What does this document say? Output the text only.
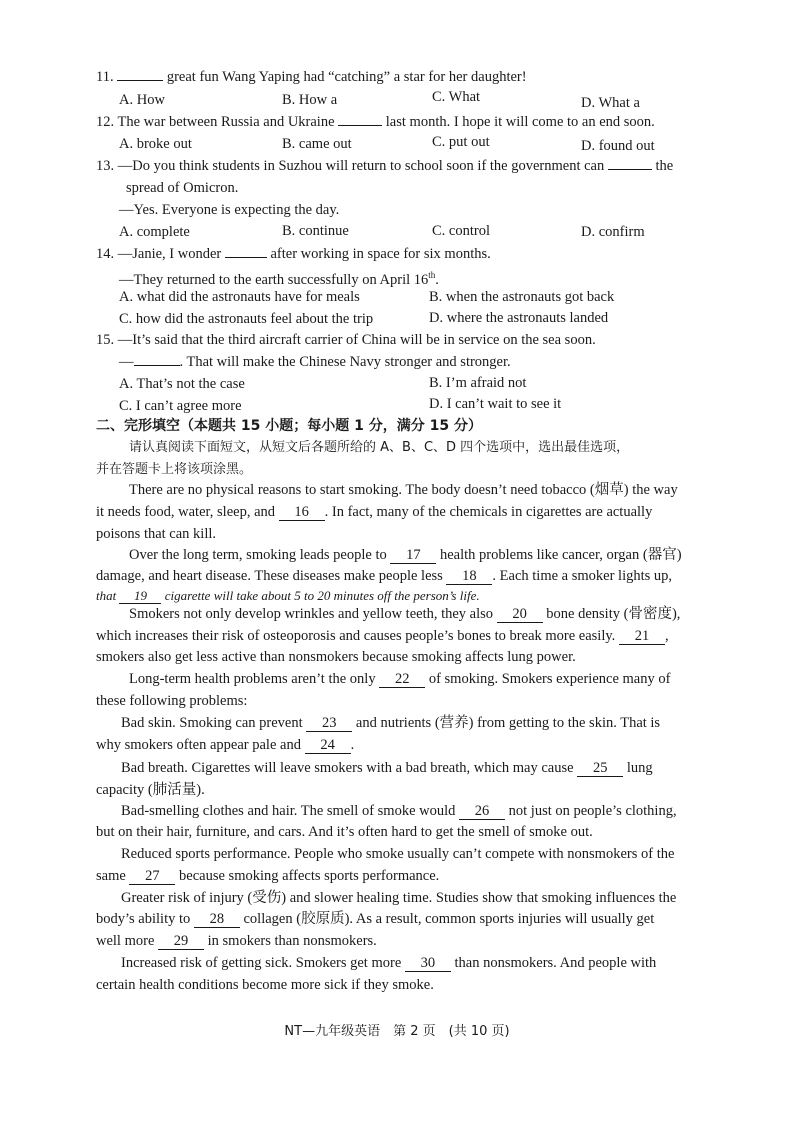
11.	great fun Wang Yaping had “catching” a star for her daughter!
A. How	B. How a	C. What	D. What a
12. The war between Russia and Ukraine	last month. I hope it will come to an end soon.
A. broke out	B. came out	C. put out	D. found out
13. —Do you think students in Suzhou will return to school soon if the government can	the
spread of Omicron.
—Yes. Everyone is expecting the day.
A. complete	B. continue	C. control	D. confirm
14. —Janie, I wonder	after working in space for six months.
—They returned to the earth successfully on April 16th.
A. what did the astronauts have for meals	B. when the astronauts got back
C. how did the astronauts feel about the trip	D. where the astronauts landed
15. —It’s said that the third aircraft carrier of China will be in service on the sea soon.
—	. That will make the Chinese Navy stronger and stronger.
A. That’s not the case	B. I’m afraid not
C. I can’t agree more	D. I can’t wait to see it
二、完形填空（本题共 15 小题；每小题 1 分，满分 15 分）
请认真阅读下面短文，从短文后各题所给的 A、B、C、D 四个选项中，选出最佳选项，
并在答题卡上将该项涂黑。
There are no physical reasons to start smoking. The body doesn’t need tobacco (烟草) the way
it needs food, water, sleep, and 16 . In fact, many of the chemicals in cigarettes are actually
poisons that can kill.
Over the long term, smoking leads people to 17 health problems like cancer, organ (器官)
damage, and heart disease. These diseases make people less 18 . Each time a smoker lights up,
that 19 cigarette will take about 5 to 20 minutes off the person’s life.
Smokers not only develop wrinkles and yellow teeth, they also 20 bone density (骨密度),
which increases their risk of osteoporosis and causes people’s bones to break more easily. 21 ,
smokers also get less active than nonsmokers because smoking affects lung power.
Long-term health problems aren’t the only 22 of smoking. Smokers experience many of
these following problems:
Bad skin. Smoking can prevent 23 and nutrients (营养) from getting to the skin. That is
why smokers often appear pale and 24 .
Bad breath. Cigarettes will leave smokers with a bad breath, which may cause 25 lung
capacity (肺活量).
Bad-smelling clothes and hair. The smell of smoke would 26 not just on people’s clothing,
but on their hair, furniture, and cars. And it’s often hard to get the smell of smoke out.
Reduced sports performance. People who smoke usually can’t compete with nonsmokers of the
same 27 because smoking affects sports performance.
Greater risk of injury (受伤) and slower healing time. Studies show that smoking influences the
body’s ability to 28 collagen (胶原质). As a result, common sports injuries will usually get
well more 29 in smokers than nonsmokers.
Increased risk of getting sick. Smokers get more 30 than nonsmokers. And people with
certain health conditions become more sick if they smoke.
NT—九年级英语　第 2 页　(共 10 页)
